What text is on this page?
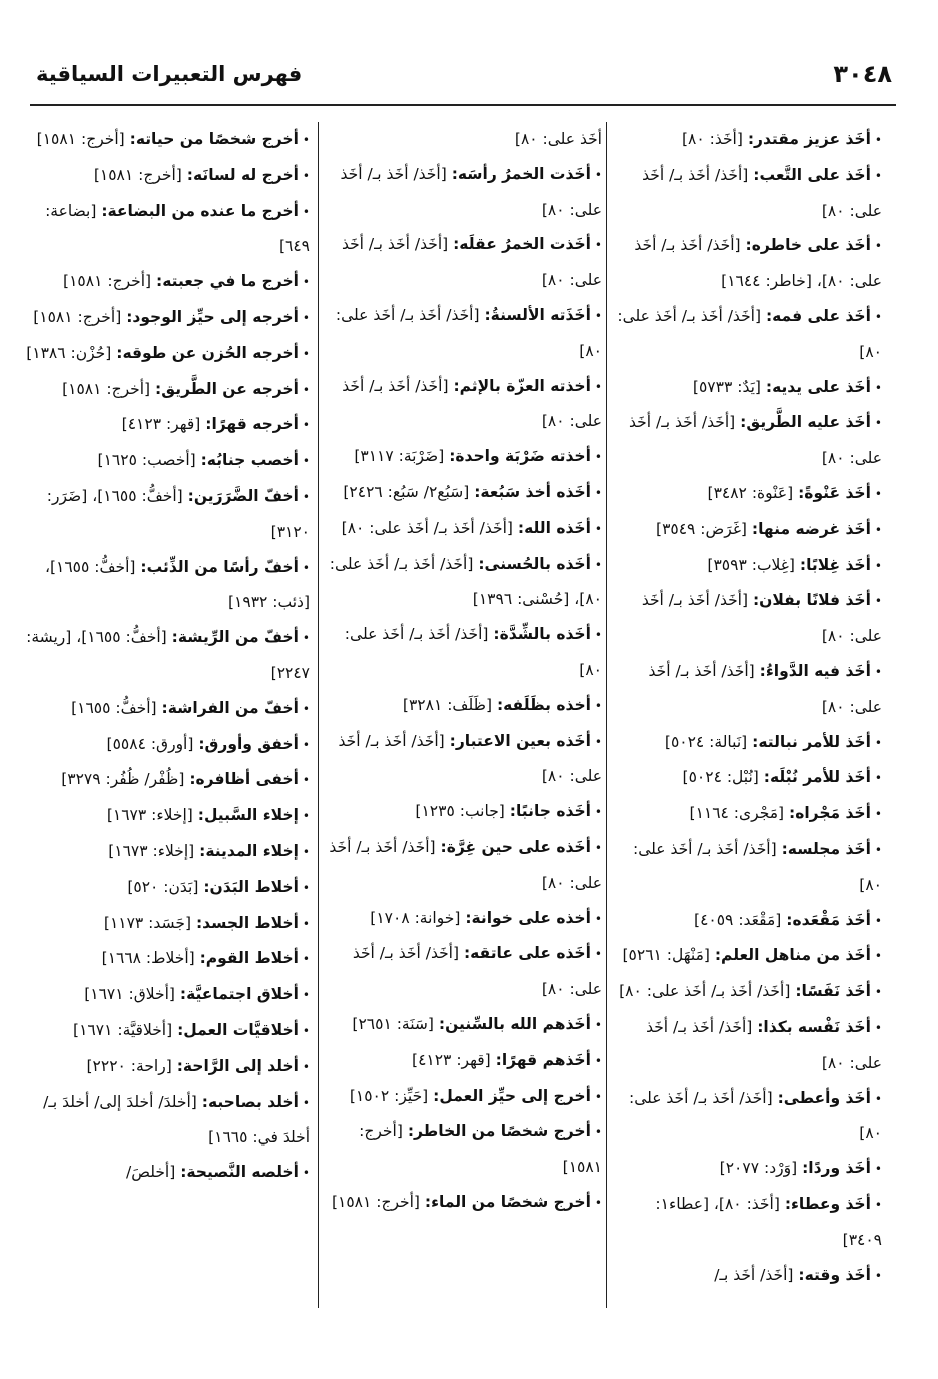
٣٠٤٨
فهرس التعبيرات السياقية
•أخَذ عزيز مقتدر: [أخَذ: ٨٠]
•أخَذ على التَّعب: [أخَذ/ أخَذ بـ/ أخَذ على: ٨٠]
•أخَذ على خاطره: [أخَذ/ أخَذ بـ/ أخَذ على: ٨٠]، [خاطر: ١٦٤٤]
•أخَذ على فمه: [أخَذ/ أخَذ بـ/ أخَذ على: ٨٠]
•أخَذ على يديه: [يَدٌ: ٥٧٣٣]
•أخَذ عليه الطَّريق: [أخَذ/ أخَذ بـ/ أخَذ على: ٨٠]
•أخَذ عَنْوةً: [عَنْوة: ٣٤٨٢]
•أخَذ غرضه منها: [غَرَض: ٣٥٤٩]
•أخَذ غِلابًا: [غِلاب: ٣٥٩٣]
•أخَذ فلانًا بفلان: [أخَذ/ أخَذ بـ/ أخَذ على: ٨٠]
•أخَذ فيه الدَّواءُ: [أخَذ/ أخَذ بـ/ أخَذ على: ٨٠]
•أخَذ للأمر نبالته: [نَبالة: ٥٠٢٤]
•أخَذ للأمر نُبْلَه: [نُبْل: ٥٠٢٤]
•أخَذ مَجْراه: [مَجْرى: ١١٦٤]
•أخَذ مجلسه: [أخَذ/ أخَذ بـ/ أخَذ على: ٨٠]
•أخَذ مَقْعَده: [مَقْعَد: ٤٠٥٩]
•أخَذ من مناهل العلم: [مَنْهَل: ٥٢٦١]
•أخَذ نَفَسًا: [أخَذ/ أخَذ بـ/ أخَذ على: ٨٠]
•أخَذ نَفْسه بكذا: [أخَذ/ أخَذ بـ/ أخَذ على: ٨٠]
•أخَذ وأعطى: [أخَذ/ أخَذ بـ/ أخَذ على: ٨٠]
•أخَذ وردًا: [وَرْد: ٢٠٧٧]
•أخَذ وعطاء: [أخَذ: ٨٠]، [عطاء١: ٣٤٠٩]
•أخَذ وقته: [أخَذ/ أخَذ بـ/
أخَذ على: ٨٠]
•أخَذت الخمرُ رأسَه: [أخَذ/ أخَذ بـ/ أخَذ على: ٨٠]
•أخَذت الخمرُ عقلَه: [أخَذ/ أخَذ بـ/ أخَذ على: ٨٠]
•أخَذَته الألسنةُ: [أخَذ/ أخَذ بـ/ أخَذ على: ٨٠]
•أخذته العزّة بالإثم: [أخَذ/ أخَذ بـ/ أخَذ على: ٨٠]
•أخذته ضَرْبَة واحدة: [ضَرْبَة: ٣١١٧]
•أخَذه أخذ سَبُعة: [سَبُع٢/ سَبُع: ٢٤٢٦]
•أخَذه الله: [أخَذ/ أخَذ بـ/ أخَذ على: ٨٠]
•أخَذه بالحُسنى: [أخَذ/ أخَذ بـ/ أخَذ على: ٨٠]، [حُسْنى: ١٣٩٦]
•أخَذه بالشِّدَّة: [أخَذ/ أخَذ بـ/ أخَذ على: ٨٠]
•أخذه بظَلَفه: [ظَلَف: ٣٢٨١]
•أخَذه بعين الاعتبار: [أخَذ/ أخَذ بـ/ أخَذ على: ٨٠]
•أخَذه جانبًا: [جانب: ١٢٣٥]
•أخَذه على حين غِرَّة: [أخَذ/ أخَذ بـ/ أخَذ على: ٨٠]
•أخذه على خوانة: [خوانة: ١٧٠٨]
•أخَذه على عاتقه: [أخَذ/ أخَذ بـ/ أخَذ على: ٨٠]
•أخَذهم الله بالسِّنين: [سَنَة: ٢٦٥١]
•أخَذهم قهرًا: [قهر: ٤١٢٣]
•أخرج إلى حيِّز العمل: [حَيِّز: ١٥٠٢]
•أخرج شخصًا من الخاطر: [أخرج: ١٥٨١]
•أخرج شخصًا من الماء: [أخرج: ١٥٨١]
•أخرج شخصًا من حياته: [أخرج: ١٥٨١]
•أخرج له لسانَه: [أخرج: ١٥٨١]
•أخرج ما عنده من البضاعة: [بضاعة: ٦٤٩]
•أخرج ما في جعبته: [أخرج: ١٥٨١]
•أخرجه إلى حيِّز الوجود: [أخرج: ١٥٨١]
•أخرجه الحُزن عن طوقه: [حُزْن: ١٣٨٦]
•أخرجه عن الطَّريق: [أخرج: ١٥٨١]
•أخرجه قهرًا: [قهر: ٤١٢٣]
•أخصب جنابُه: [أخصب: ١٦٢٥]
•أخفّ الضَّرَرَين: [أخفُّ: ١٦٥٥]، [ضَرَر: ٣١٢٠]
•أخفّ رأسًا من الذِّئب: [أخفُّ: ١٦٥٥]، [ذئب: ١٩٣٢]
•أخفّ من الرِّيشة: [أخفُّ: ١٦٥٥]، [ريشة: ٢٢٤٧]
•أخفّ من الفراشة: [أخفُّ: ١٦٥٥]
•أخفق وأورق: [أورق: ٥٥٨٤]
•أخفى أظافره: [ظُفْر/ ظُفُر: ٣٢٧٩]
•إخلاء السَّبيل: [إخلاء: ١٦٧٣]
•إخلاء المدينة: [إخلاء: ١٦٧٣]
•أخلاط البَدَن: [بَدَن: ٥٢٠]
•أخلاط الجسد: [جَسَد: ١١٧٣]
•أخلاط القوم: [أخلاط: ١٦٦٨]
•أخلاق اجتماعيَّة: [أخلاق: ١٦٧١]
•أخلاقيَّات العمل: [أخلاقيَّة: ١٦٧١]
•أخلد إلى الرَّاحة: [راحة: ٢٢٢٠]
•أخلد بصاحبه: [أخلدَ/ أخلدَ إلى/ أخلدَ بـ/ أخلدَ في: ١٦٦٥]
•أخلصه النَّصيحة: [أخلصَ/
